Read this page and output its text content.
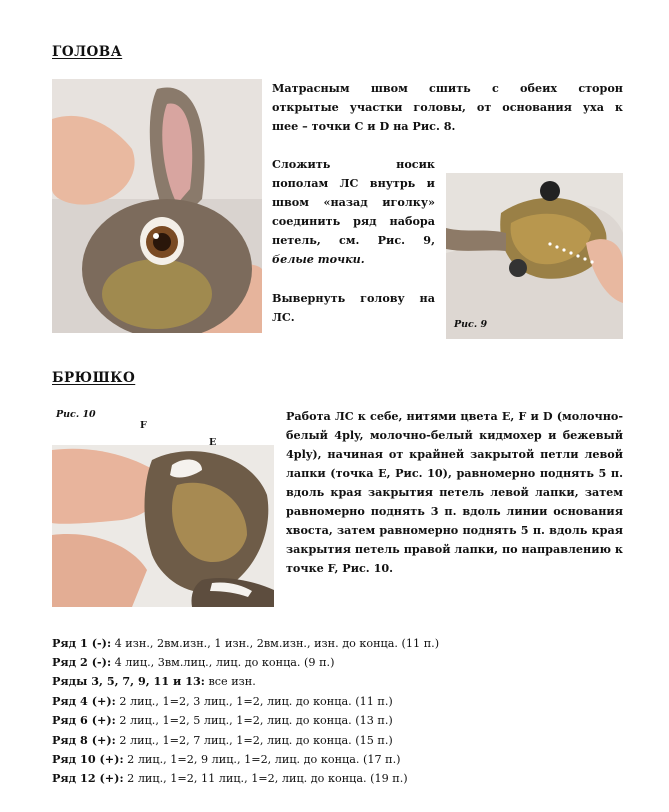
ГОЛОВА
Матрасным швом сшить с обеих сторон
открытые участки головы, от основания уха к
шее – точки C и D на Рис. 8.
Сложить носик
пополам ЛС внутрь и
швом «назад иголку»
соединить ряд набора
петель, см. Рис. 9,
белые точки.
Вывернуть голову на
ЛС.
Рис. 9
БРЮШКО
Рис. 10
F
E
Работа ЛС к себе, нитями цвета E, F и D (молочно-
белый 4ply, молочно-белый кидмохер и бежевый
4ply), начиная от крайней закрытой петли левой
лапки (точка E, Рис. 10), равномерно поднять 5 п.
вдоль края закрытия петель левой лапки, затем
равномерно поднять 3 п. вдоль линии основания
хвоста, затем равномерно поднять 5 п. вдоль края
закрытия петель правой лапки, по направлению к
точке F, Рис. 10.
Ряд 1 (-): 4 изн., 2вм.изн., 1 изн., 2вм.изн., изн. до конца. (11 п.)
Ряд 2 (-): 4 лиц., 3вм.лиц., лиц. до конца. (9 п.)
Ряды 3, 5, 7, 9, 11 и 13: все изн.
Ряд 4 (+): 2 лиц., 1=2, 3 лиц., 1=2, лиц. до конца. (11 п.)
Ряд 6 (+): 2 лиц., 1=2, 5 лиц., 1=2, лиц. до конца. (13 п.)
Ряд 8 (+): 2 лиц., 1=2, 7 лиц., 1=2, лиц. до конца. (15 п.)
Ряд 10 (+): 2 лиц., 1=2, 9 лиц., 1=2, лиц. до конца. (17 п.)
Ряд 12 (+): 2 лиц., 1=2, 11 лиц., 1=2, лиц. до конца. (19 п.)
